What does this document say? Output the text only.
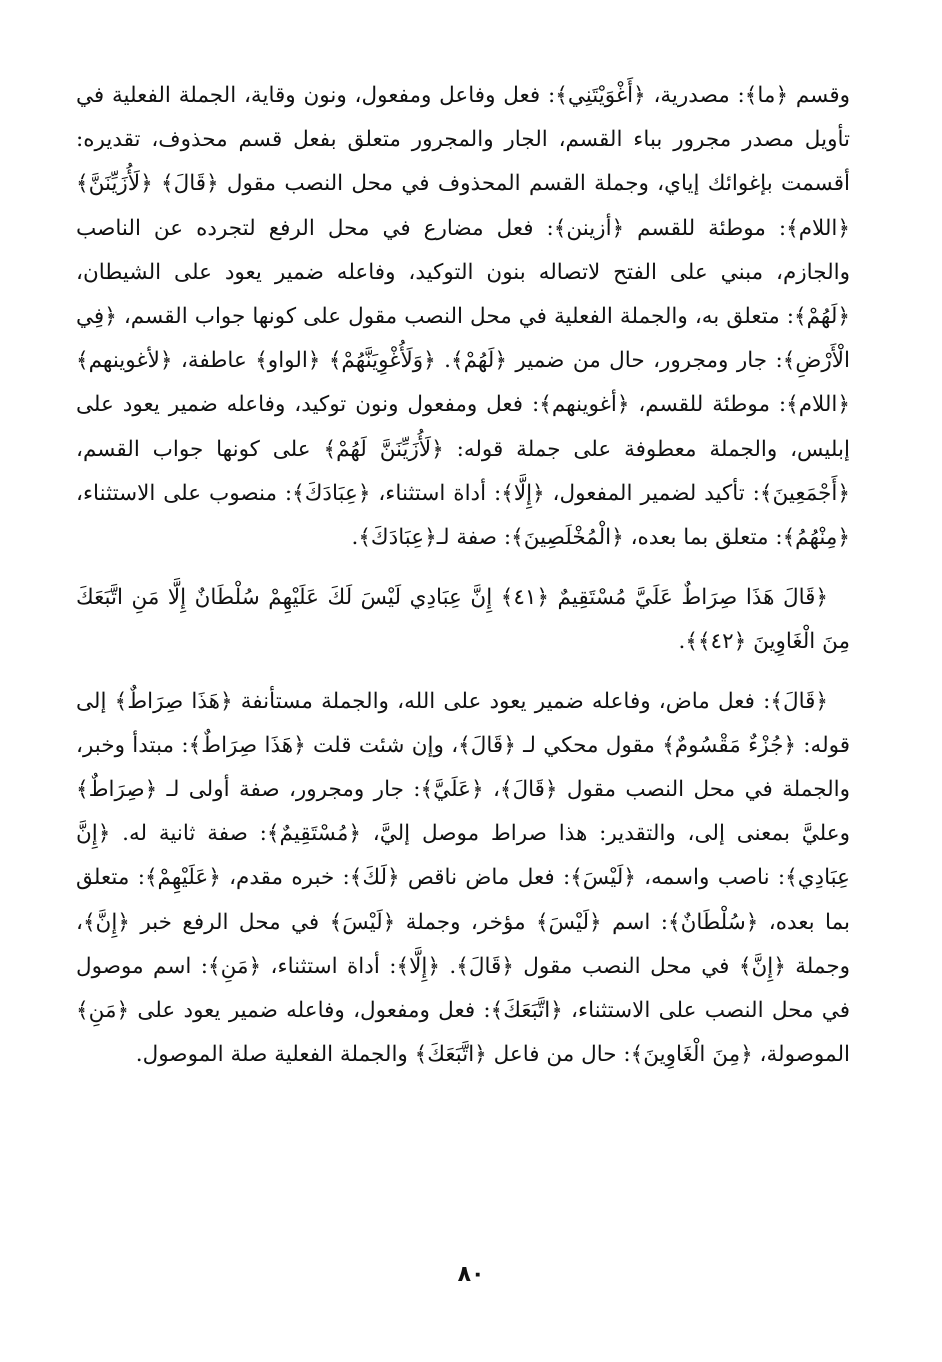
وقسم ﴿ما﴾: مصدرية، ﴿أَغْوَيْتَنِي﴾: فعل وفاعل ومفعول، ونون وقاية، الجملة الفعلية في تأويل مصدر مجرور بباء القسم، الجار والمجرور متعلق بفعل قسم محذوف، تقديره: أقسمت بإغوائك إياي، وجملة القسم المحذوف في محل النصب مقول ﴿قَالَ﴾ ﴿لَأُزَيِّنَنَّ﴾ ﴿اللام﴾: موطئة للقسم ﴿أزينن﴾: فعل مضارع في محل الرفع لتجرده عن الناصب والجازم، مبني على الفتح لاتصاله بنون التوكيد، وفاعله ضمير يعود على الشيطان، ﴿لَهُمْ﴾: متعلق به، والجملة الفعلية في محل النصب مقول على كونها جواب القسم، ﴿فِي الْأَرْضِ﴾: جار ومجرور، حال من ضمير ﴿لَهُمْ﴾. ﴿وَلَأُغْوِيَنَّهُمْ﴾ ﴿الواو﴾ عاطفة، ﴿لأغوينهم﴾ ﴿اللام﴾: موطئة للقسم، ﴿أغوينهم﴾: فعل ومفعول ونون توكيد، وفاعله ضمير يعود على إبليس، والجملة معطوفة على جملة قوله: ﴿لَأُزَيِّنَنَّ لَهُمْ﴾ على كونها جواب القسم، ﴿أَجْمَعِينَ﴾: تأكيد لضمير المفعول، ﴿إِلَّا﴾: أداة استثناء، ﴿عِبَادَكَ﴾: منصوب على الاستثناء، ﴿مِنْهُمُ﴾: متعلق بما بعده، ﴿الْمُخْلَصِينَ﴾: صفة لـ﴿عِبَادَكَ﴾.

﴿قَالَ هَذَا صِرَاطٌ عَلَيَّ مُسْتَقِيمٌ ﴿٤١﴾ إِنَّ عِبَادِي لَيْسَ لَكَ عَلَيْهِمْ سُلْطَانٌ إِلَّا مَنِ اتَّبَعَكَ مِنَ الْغَاوِينَ ﴿٤٢﴾﴾.

﴿قَالَ﴾: فعل ماض، وفاعله ضمير يعود على الله، والجملة مستأنفة ﴿هَذَا صِرَاطٌ﴾ إلى قوله: ﴿جُزْءٌ مَقْسُومٌ﴾ مقول محكي لـ ﴿قَالَ﴾، وإن شئت قلت ﴿هَذَا صِرَاطٌ﴾: مبتدأ وخبر، والجملة في محل النصب مقول ﴿قَالَ﴾، ﴿عَلَيَّ﴾: جار ومجرور، صفة أولى لـ ﴿صِرَاطٌ﴾ وعليَّ بمعنى إلى، والتقدير: هذا صراط موصل إليَّ، ﴿مُسْتَقِيمٌ﴾: صفة ثانية له. ﴿إِنَّ عِبَادِي﴾: ناصب واسمه، ﴿لَيْسَ﴾: فعل ماض ناقص ﴿لَكَ﴾: خبره مقدم، ﴿عَلَيْهِمْ﴾: متعلق بما بعده، ﴿سُلْطَانٌ﴾: اسم ﴿لَيْسَ﴾ مؤخر، وجملة ﴿لَيْسَ﴾ في محل الرفع خبر ﴿إِنَّ﴾، وجملة ﴿إِنَّ﴾ في محل النصب مقول ﴿قَالَ﴾. ﴿إِلَّا﴾: أداة استثناء، ﴿مَنِ﴾: اسم موصول في محل النصب على الاستثناء، ﴿اتَّبَعَكَ﴾: فعل ومفعول، وفاعله ضمير يعود على ﴿مَنِ﴾ الموصولة، ﴿مِنَ الْغَاوِينَ﴾: حال من فاعل ﴿اتَّبَعَكَ﴾ والجملة الفعلية صلة الموصول.

٨٠
